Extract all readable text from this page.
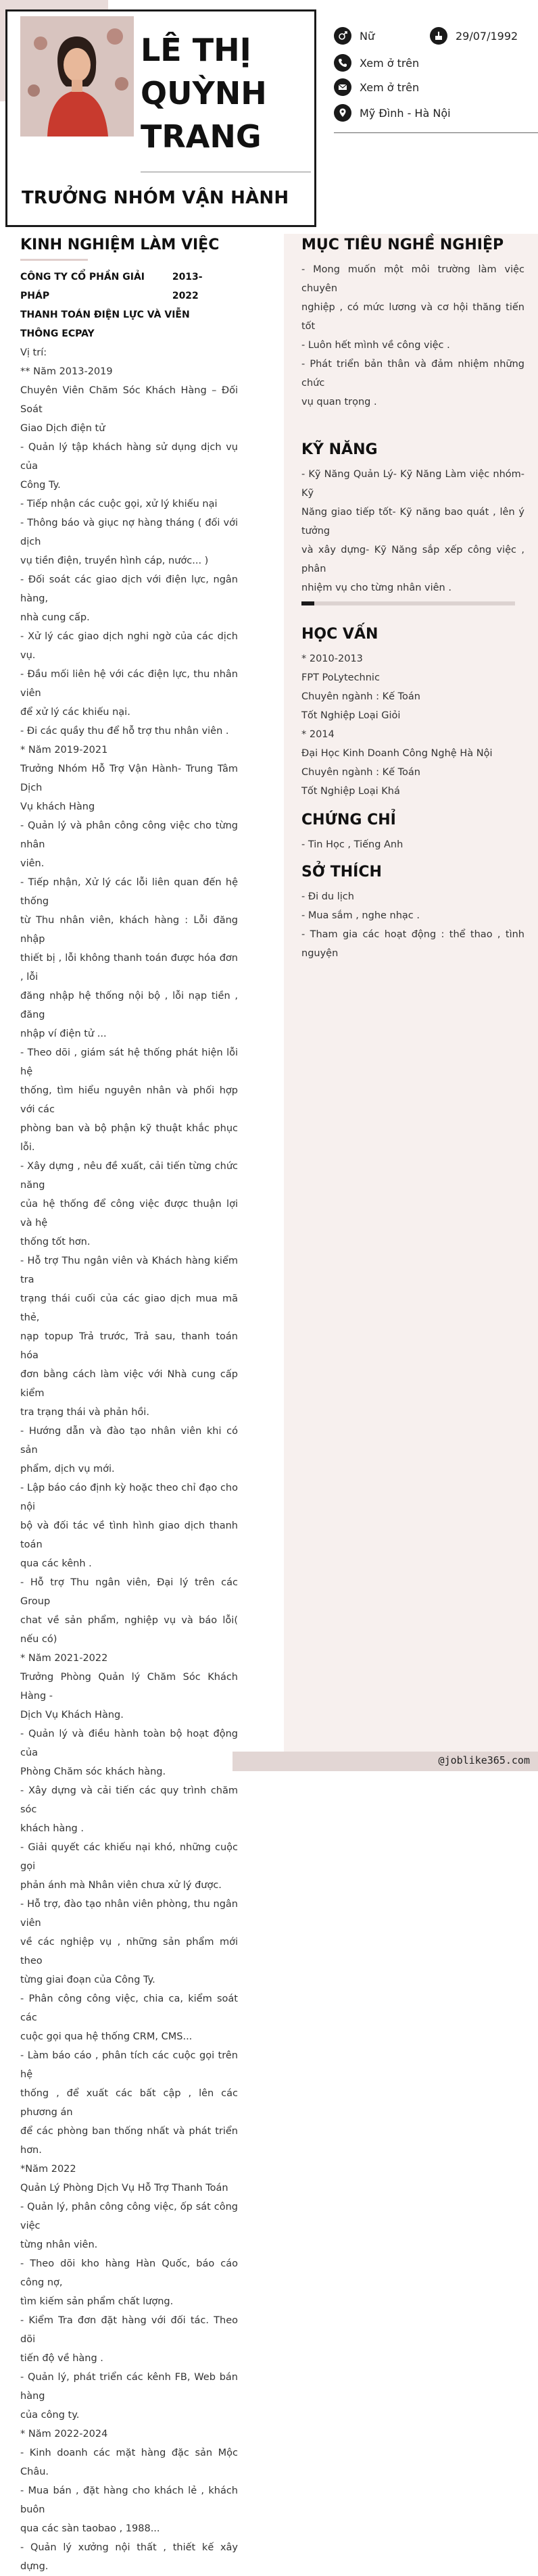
LÊ THỊ
QUỲNH
TRANG
TRƯỞNG NHÓM VẬN HÀNH
Nữ	29/07/1992
Xem ở trên
Xem ở trên
Mỹ Đình - Hà Nội
@joblike365.com
KINH NGHIỆM LÀM VIỆC
CÔNG TY CỔ PHẦN GIẢI PHÁP
2013-2022
THANH TOÁN ĐIỆN LỰC VÀ VIỄN
THÔNG ECPAY
Vị trí:
** Năm 2013-2019
Chuyên Viên Chăm Sóc Khách Hàng – Đối Soát
Giao Dịch điện tử
- Quản lý tập khách hàng sử dụng dịch vụ của
Công Ty.
- Tiếp nhận các cuộc gọi, xử lý khiếu nại
- Thông báo và giục nợ hàng tháng ( đối với dịch
vụ tiền điện, truyền hình cáp, nước... )
- Đối soát các giao dịch với điện lực, ngân hàng,
nhà cung cấp.
- Xử lý các giao dịch nghi ngờ của các dịch vụ.
- Đầu mối liên hệ với các điện lực, thu nhân viên
để xử lý các khiếu nại.
- Đi các quầy thu để hỗ trợ thu nhân viên .
* Năm 2019-2021
Trưởng Nhóm Hỗ Trợ Vận Hành- Trung Tâm Dịch
Vụ khách Hàng
- Quản lý và phân công công việc cho từng nhân
viên.
- Tiếp nhận, Xử lý các lỗi liên quan đến hệ thống
từ Thu nhân viên, khách hàng : Lỗi đăng nhập
thiết bị , lỗi không thanh toán được hóa đơn , lỗi
đăng nhập hệ thống nội bộ , lỗi nạp tiền , đăng
nhập ví điện tử ...
- Theo dõi , giám sát hệ thống phát hiện lỗi hệ
thống, tìm hiểu nguyên nhân và phối hợp với các
phòng ban và bộ phận kỹ thuật khắc phục lỗi.
- Xây dựng , nêu đề xuất, cải tiến từng chức năng
của hệ thống để công việc được thuận lợi và hệ
thống tốt hơn.
- Hỗ trợ Thu ngân viên và Khách hàng kiểm tra
trạng thái cuối của các giao dịch mua mã thẻ,
nạp topup Trả trước, Trả sau, thanh toán hóa
đơn bằng cách làm việc với Nhà cung cấp kiểm
tra trạng thái và phản hồi.
- Hướng dẫn và đào tạo nhân viên khi có sản
phẩm, dịch vụ mới.
- Lập báo cáo định kỳ hoặc theo chỉ đạo cho nội
bộ và đối tác về tình hình giao dịch thanh toán
qua các kênh .
- Hỗ trợ Thu ngân viên, Đại lý trên các Group
chat về sản phẩm, nghiệp vụ và báo lỗi( nếu có)
* Năm 2021-2022
Trưởng Phòng Quản lý Chăm Sóc Khách Hàng -
Dịch Vụ Khách Hàng.
- Quản lý và điều hành toàn bộ hoạt động của
Phòng Chăm sóc khách hàng.
- Xây dựng và cải tiến các quy trình chăm sóc
khách hàng .
- Giải quyết các khiếu nại khó, những cuộc gọi
phản ánh mà Nhân viên chưa xử lý được.
- Hỗ trợ, đào tạo nhân viên phòng, thu ngân viên
về các nghiệp vụ , những sản phẩm mới theo
từng giai đoạn của Công Ty.
- Phân công công việc, chia ca, kiểm soát các
cuộc gọi qua hệ thống CRM, CMS...
- Làm báo cáo , phân tích các cuộc gọi trên hệ
thống , để xuất các bất cập , lên các phương án
để các phòng ban thống nhất và phát triển hơn.
*Năm 2022
Quản Lý Phòng Dịch Vụ Hỗ Trợ Thanh Toán
- Quản lý, phân công công việc, ốp sát công việc
từng nhân viên.
- Theo dõi kho hàng Hàn Quốc, báo cáo công nợ,
tìm kiếm sản phẩm chất lượng.
- Kiểm Tra đơn đặt hàng với đối tác. Theo dõi
tiến độ về hàng .
- Quản lý, phát triển các kênh FB, Web bán hàng
của công ty.
* Năm 2022-2024
- Kinh doanh các mặt hàng đặc sản Mộc Châu.
- Mua bán , đặt hàng cho khách lẻ , khách buôn
qua các sàn taobao , 1988...
- Quản lý xưởng nội thất , thiết kế xây dựng.
MỤC TIÊU NGHỀ NGHIỆP
- Mong muốn một môi trường làm việc chuyên
nghiệp , có mức lương và cơ hội thăng tiến tốt
- Luôn hết mình về công việc .
- Phát triển bản thân và đảm nhiệm những chức
vụ quan trọng .
KỸ NĂNG
- Kỹ Năng Quản Lý- Kỹ Năng Làm việc nhóm- Kỹ
Năng giao tiếp tốt- Kỹ năng bao quát , lên ý tưởng
và xây dựng- Kỹ Năng sắp xếp công việc , phân
nhiệm vụ cho từng nhân viên .
HỌC VẤN
* 2010-2013
FPT PoLytechnic
Chuyên ngành : Kế Toán
Tốt Nghiệp Loại Giỏi
* 2014
Đại Học Kinh Doanh Công Nghệ Hà Nội
Chuyên ngành : Kế Toán
Tốt Nghiệp Loại Khá
CHỨNG CHỈ
- Tin Học , Tiếng Anh
SỞ THÍCH
- Đi du lịch
- Mua sắm , nghe nhạc .
- Tham gia các hoạt động : thể thao , tình nguyện
